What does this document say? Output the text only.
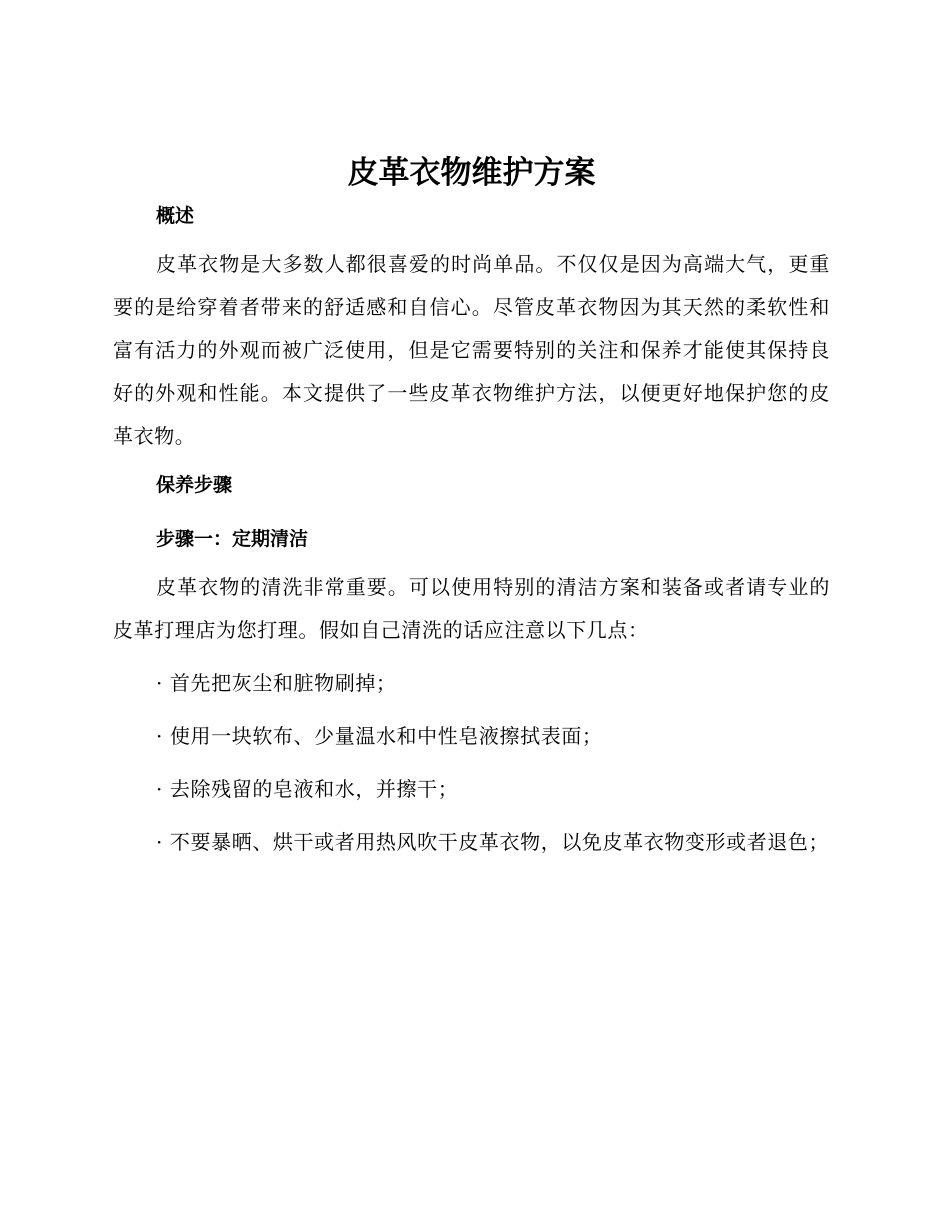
皮革衣物维护方案
概述

皮革衣物是大多数人都很喜爱的时尚单品。不仅仅是因为高端大气，更重要的是给穿着者带来的舒适感和自信心。尽管皮革衣物因为其天然的柔软性和富有活力的外观而被广泛使用，但是它需要特别的关注和保养才能使其保持良好的外观和性能。本文提供了一些皮革衣物维护方法，以便更好地保护您的皮革衣物。

保养步骤
步骤一：定期清洁

皮革衣物的清洗非常重要。可以使用特别的清洁方案和装备或者请专业的皮革打理店为您打理。假如自己清洗的话应注意以下几点：

· 首先把灰尘和脏物刷掉；

· 使用一块软布、少量温水和中性皂液擦拭表面；

· 去除残留的皂液和水，并擦干；

· 不要暴晒、烘干或者用热风吹干皮革衣物，以免皮革衣物变形或者退色；
